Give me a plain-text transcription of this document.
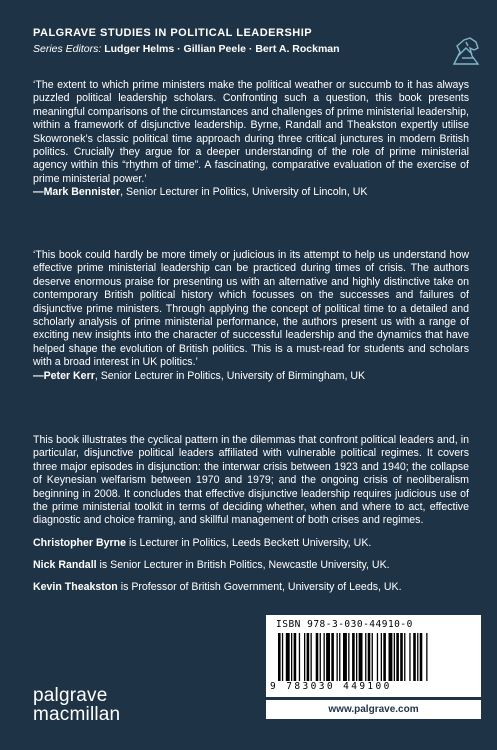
PALGRAVE STUDIES IN POLITICAL LEADERSHIP
Series Editors: Ludger Helms · Gillian Peele · Bert A. Rockman
‘The extent to which prime ministers make the political weather or succumb to it has always puzzled political leadership scholars. Confronting such a question, this book presents meaningful comparisons of the circumstances and challenges of prime ministerial leadership, within a framework of disjunctive leadership. Byrne, Randall and Theakston expertly utilise Skowronek’s classic political time approach during three critical junctures in modern British politics. Crucially they argue for a deeper understanding of the role of prime ministerial agency within this “rhythm of time”. A fascinating, comparative evaluation of the exercise of prime ministerial power.’
—Mark Bennister, Senior Lecturer in Politics, University of Lincoln, UK
‘This book could hardly be more timely or judicious in its attempt to help us understand how effective prime ministerial leadership can be practiced during times of crisis. The authors deserve enormous praise for presenting us with an alternative and highly distinctive take on contemporary British political history which focusses on the successes and failures of disjunctive prime ministers. Through applying the concept of political time to a detailed and scholarly analysis of prime ministerial performance, the authors present us with a range of exciting new insights into the character of successful leadership and the dynamics that have helped shape the evolution of British politics. This is a must-read for students and scholars with a broad interest in UK politics.’
—Peter Kerr, Senior Lecturer in Politics, University of Birmingham, UK
This book illustrates the cyclical pattern in the dilemmas that confront political leaders and, in particular, disjunctive political leaders affiliated with vulnerable political regimes. It covers three major episodes in disjunction: the interwar crisis between 1923 and 1940; the collapse of Keynesian welfarism between 1970 and 1979; and the ongoing crisis of neoliberalism beginning in 2008. It concludes that effective disjunctive leadership requires judicious use of the prime ministerial toolkit in terms of deciding whether, when and where to act, effective diagnostic and choice framing, and skillful management of both crises and regimes.
Christopher Byrne is Lecturer in Politics, Leeds Beckett University, UK.
Nick Randall is Senior Lecturer in British Politics, Newcastle University, UK.
Kevin Theakston is Professor of British Government, University of Leeds, UK.
ISBN 978-3-030-44910-0
9 783030 449100
www.palgrave.com
palgrave
macmillan
